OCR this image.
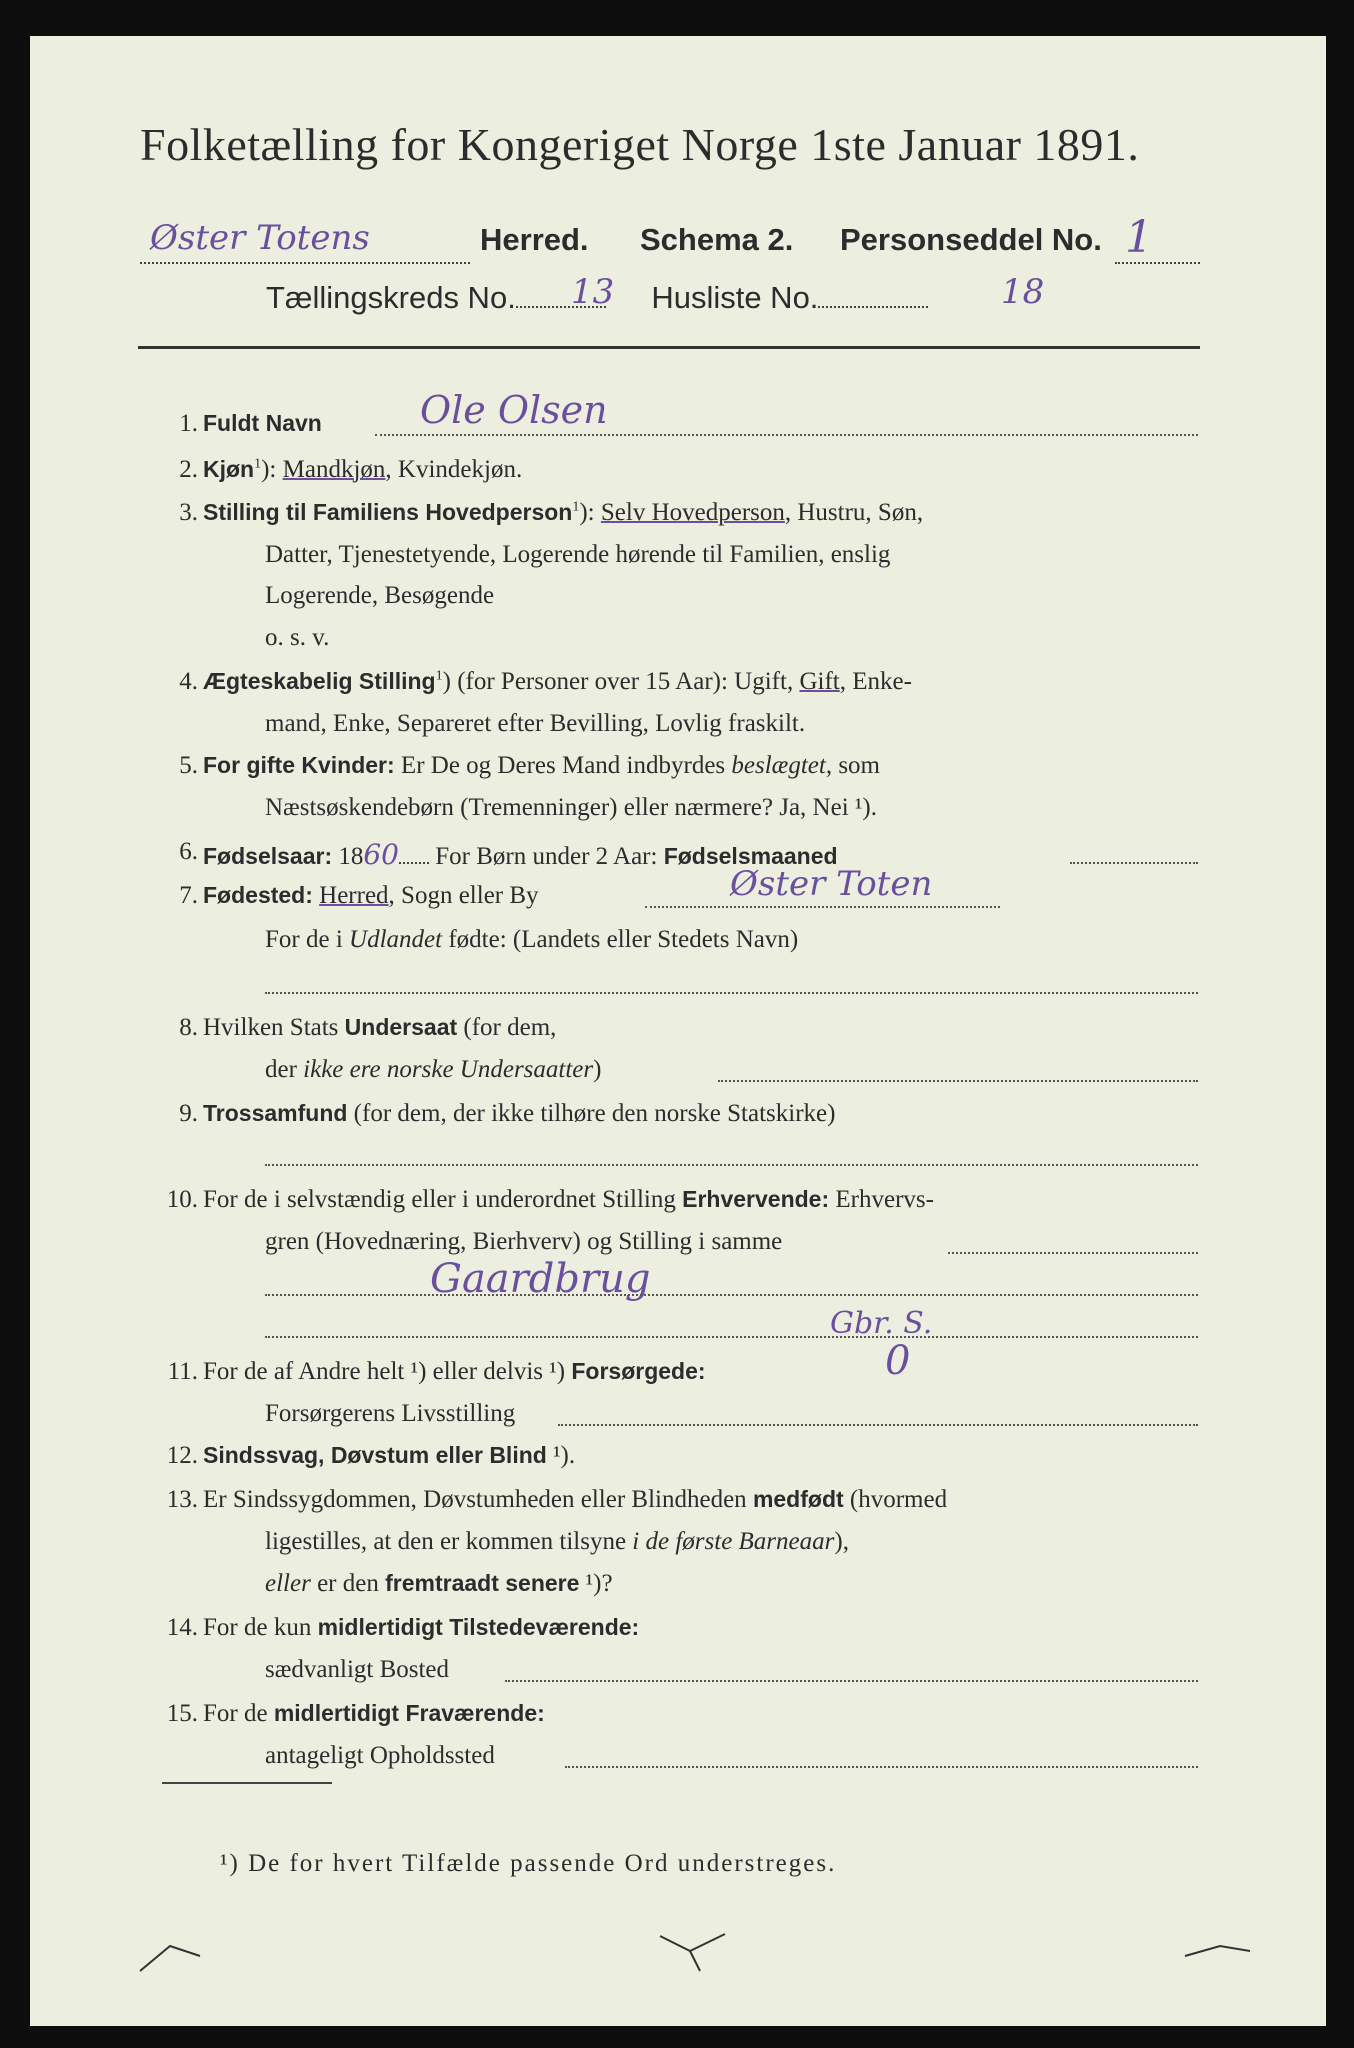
Folketælling for Kongeriget Norge 1ste Januar 1891.
Øster Totens	Herred. Schema 2. Personseddel No. 1
Tællingskreds No. 13 Husliste No.	18
1. Fuldt Navn	Ole Olsen
2. Kjøn$^1$): Mandkjøn, Kvindekjøn.
3. Stilling til Familiens Hovedperson$^1$): Selv Hovedperson, Hustru, Søn,
Datter, Tjenestetyende, Logerende hørende til Familien, enslig
Logerende, Besøgende
o. s. v.
4. Ægteskabelig Stilling$^1$) (for Personer over 15 Aar): Ugift, Gift, Enke-
mand, Enke, Separeret efter Bevilling, Lovlig fraskilt.
5. For gifte Kvinder: Er De og Deres Mand indbyrdes beslægtet, som
Næstsøskendebørn (Tremenninger) eller nærmere? Ja, Nei ¹).
6. Fødselsaar: 1860 For Børn under 2 Aar: Fødselsmaaned
7. Fødested: Herred, Sogn eller By	Øster Toten
For de i Udlandet fødte: (Landets eller Stedets Navn)
8. Hvilken Stats Undersaat (for dem,
der ikke ere norske Undersaatter)
9. Trossamfund (for dem, der ikke tilhøre den norske Statskirke)
10. For de i selvstændig eller i underordnet Stilling Erhvervende: Erhvervs-
gren (Hovednæring, Bierhverv) og Stilling i samme
Gaardbrug
Gbr. S.
11. For de af Andre helt ¹) eller delvis ¹) Forsørgede:	0
Forsørgerens Livsstilling
12. Sindssvag, Døvstum eller Blind ¹).
13. Er Sindssygdommen, Døvstumheden eller Blindheden medfødt (hvormed
ligestilles, at den er kommen tilsyne i de første Barneaar),
eller er den fremtraadt senere ¹)?
14. For de kun midlertidigt Tilstedeværende:
sædvanligt Bosted
15. For de midlertidigt Fraværende:
antageligt Opholdssted
¹) De for hvert Tilfælde passende Ord understreges.
